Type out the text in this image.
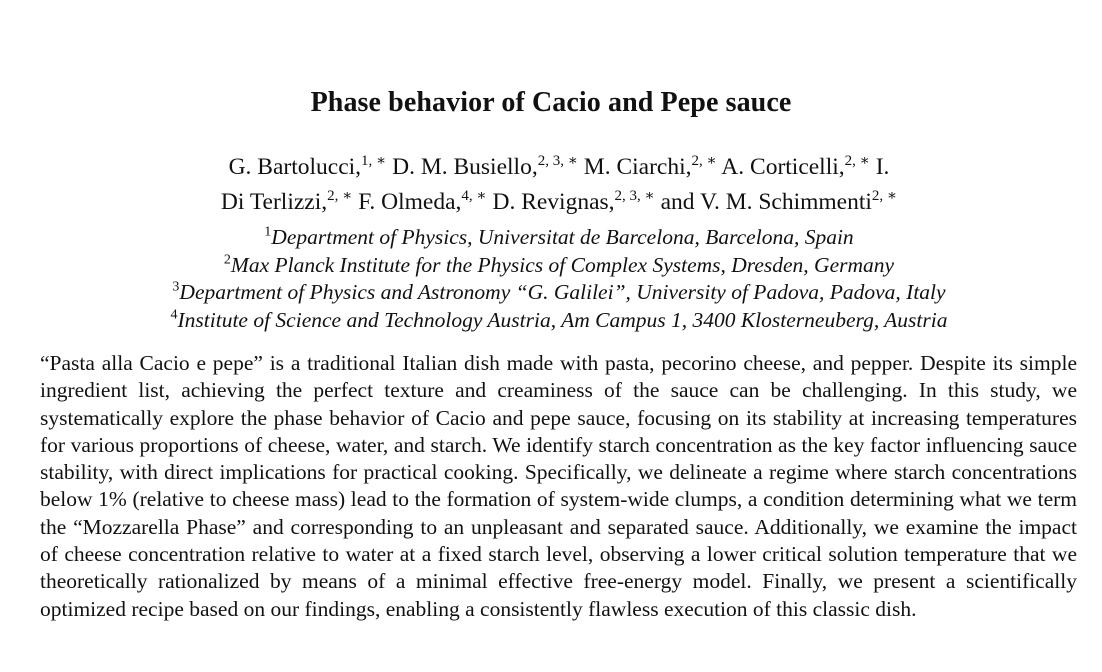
Phase behavior of Cacio and Pepe sauce
G. Bartolucci,$^{1, ∗}$ D. M. Busiello,$^{2, 3, ∗}$ M. Ciarchi,$^{2, ∗}$ A. Corticelli,$^{2, ∗}$ I.
Di Terlizzi,$^{2, ∗}$ F. Olmeda,$^{4, ∗}$ D. Revignas,$^{2, 3, ∗}$ and V. M. Schimmenti$^{2, ∗}$
$^1$Department of Physics, Universitat de Barcelona, Barcelona, Spain
$^2$Max Planck Institute for the Physics of Complex Systems, Dresden, Germany
$^3$Department of Physics and Astronomy “G. Galilei”, University of Padova, Padova, Italy
$^4$Institute of Science and Technology Austria, Am Campus 1, 3400 Klosterneuberg, Austria

“Pasta alla Cacio e pepe” is a traditional Italian dish made with pasta, pecorino cheese, and pepper. Despite its simple ingredient list, achieving the perfect texture and creaminess of the sauce can be challenging. In this study, we systematically explore the phase behavior of Cacio and pepe sauce, focusing on its stability at increasing temperatures for various proportions of cheese, water, and starch. We identify starch concentration as the key factor influencing sauce stability, with direct implications for practical cooking. Specifically, we delineate a regime where starch concentrations below 1% (relative to cheese mass) lead to the formation of system-wide clumps, a condition determining what we term the “Mozzarella Phase” and corresponding to an unpleasant and separated sauce. Additionally, we examine the impact of cheese concentration relative to water at a fixed starch level, observing a lower critical solution temperature that we theoretically rationalized by means of a minimal effective free-energy model. Finally, we present a scientifically optimized recipe based on our findings, enabling a consistently flawless execution of this classic dish.
